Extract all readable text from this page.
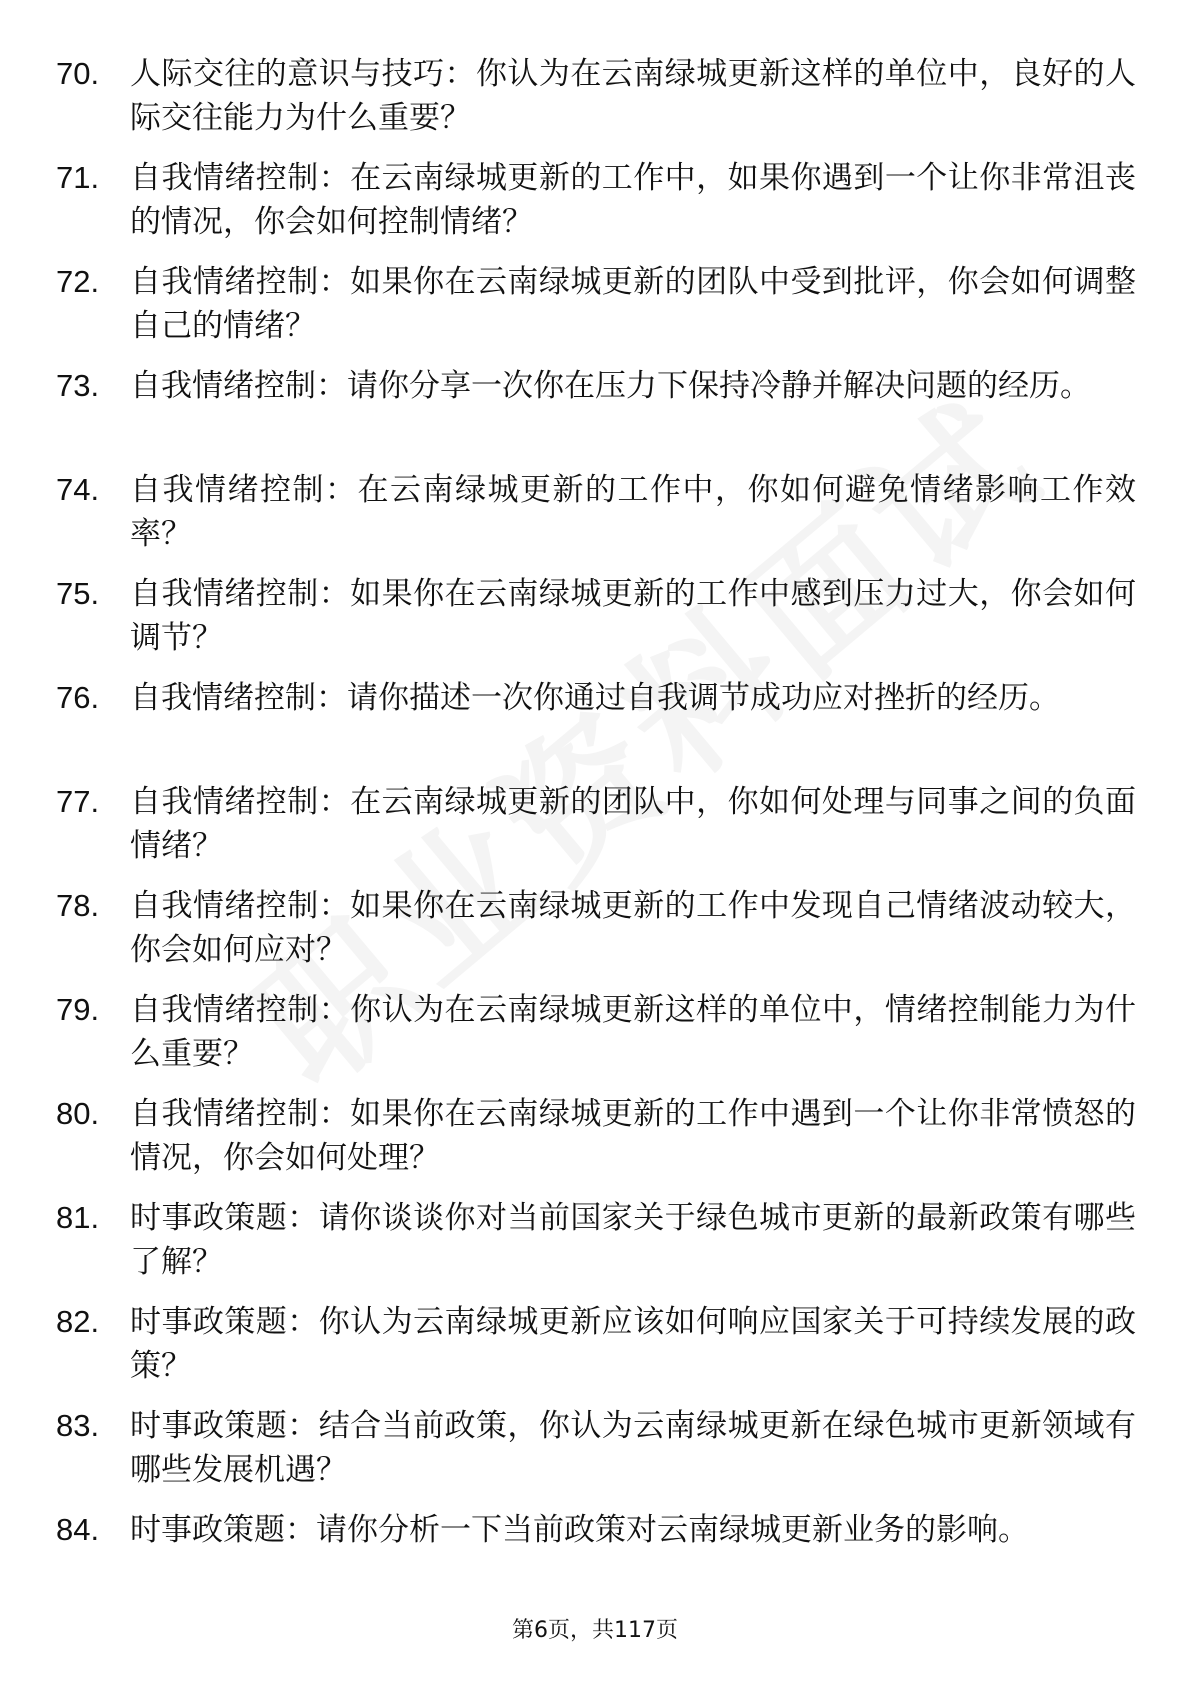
70. 人际交往的意识与技巧：你认为在云南绿城更新这样的单位中，良好的人际交往能力为什么重要？
71. 自我情绪控制：在云南绿城更新的工作中，如果你遇到一个让你非常沮丧的情况，你会如何控制情绪？
72. 自我情绪控制：如果你在云南绿城更新的团队中受到批评，你会如何调整自己的情绪？
73. 自我情绪控制：请你分享一次你在压力下保持冷静并解决问题的经历。
74. 自我情绪控制：在云南绿城更新的工作中，你如何避免情绪影响工作效率？
75. 自我情绪控制：如果你在云南绿城更新的工作中感到压力过大，你会如何调节？
76. 自我情绪控制：请你描述一次你通过自我调节成功应对挫折的经历。
77. 自我情绪控制：在云南绿城更新的团队中，你如何处理与同事之间的负面情绪？
78. 自我情绪控制：如果你在云南绿城更新的工作中发现自己情绪波动较大，你会如何应对？
79. 自我情绪控制：你认为在云南绿城更新这样的单位中，情绪控制能力为什么重要？
80. 自我情绪控制：如果你在云南绿城更新的工作中遇到一个让你非常愤怒的情况，你会如何处理？
81. 时事政策题：请你谈谈你对当前国家关于绿色城市更新的最新政策有哪些了解？
82. 时事政策题：你认为云南绿城更新应该如何响应国家关于可持续发展的政策？
83. 时事政策题：结合当前政策，你认为云南绿城更新在绿色城市更新领域有哪些发展机遇？
84. 时事政策题：请你分析一下当前政策对云南绿城更新业务的影响。
第6页，共117页
